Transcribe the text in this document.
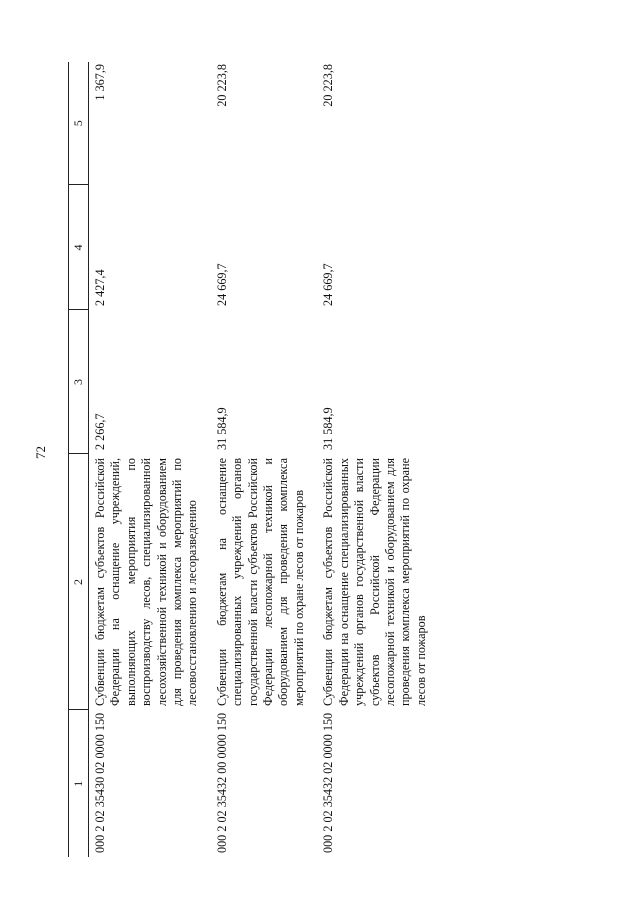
72
1	2	3	4	5
000 2 02 35430 02 0000 150	Субвенции бюджетам субъектов Российской Федерации на оснащение учреждений, выполняющих мероприятия по воспроизводству лесов, специализированной лесохозяйственной техникой и оборудованием для проведения комплекса мероприятий по лесовосстановлению и лесоразведению	2 266,7	2 427,4	1 367,9
000 2 02 35432 00 0000 150	Субвенции бюджетам на оснащение специализированных учреждений органов государственной власти субъектов Российской Федерации лесопожарной техникой и оборудованием для проведения комплекса мероприятий по охране лесов от пожаров	31 584,9	24 669,7	20 223,8
000 2 02 35432 02 0000 150	Субвенции бюджетам субъектов Российской Федерации на оснащение специализированных учреждений органов государственной власти субъектов Российской Федерации лесопожарной техникой и оборудованием для проведения комплекса мероприятий по охране лесов от пожаров	31 584,9	24 669,7	20 223,8
